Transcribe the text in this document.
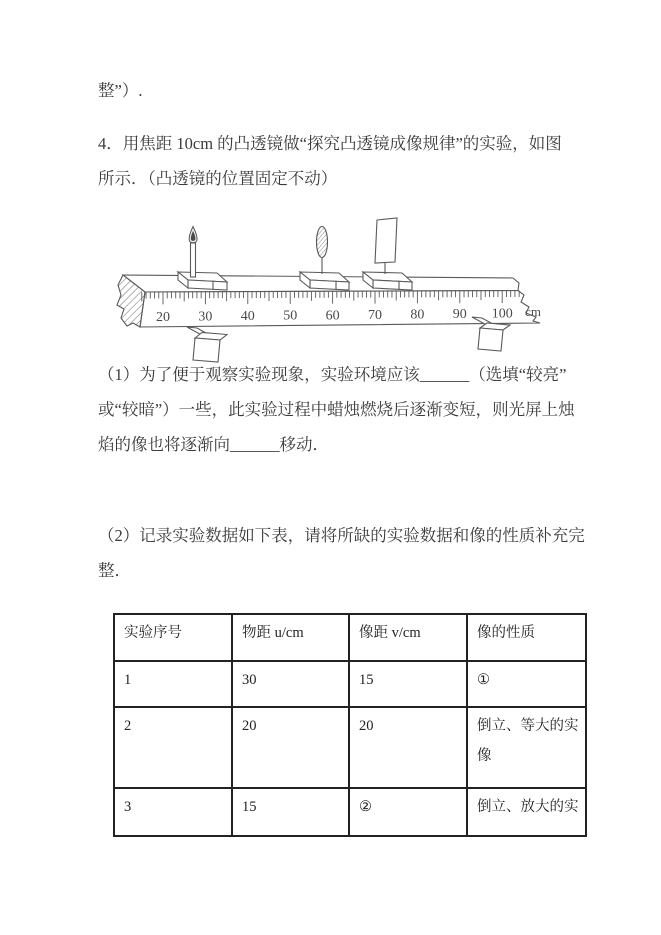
整”）.
4．用焦距 10cm 的凸透镜做“探究凸透镜成像规律”的实验，如图
所示．（凸透镜的位置固定不动）
20 30 40 50 60 70 80 90 100 cm
（1）为了便于观察实验现象，实验环境应该______（选填“较亮”
或“较暗”）一些，此实验过程中蜡烛燃烧后逐渐变短，则光屏上烛
焰的像也将逐渐向______移动．
（2）记录实验数据如下表，请将所缺的实验数据和像的性质补充完
整．
实验序号	物距 u/cm	像距 v/cm	像的性质
1	30	15	①
2	20	20	倒立、等大的实像
3	15	②	倒立、放大的实
